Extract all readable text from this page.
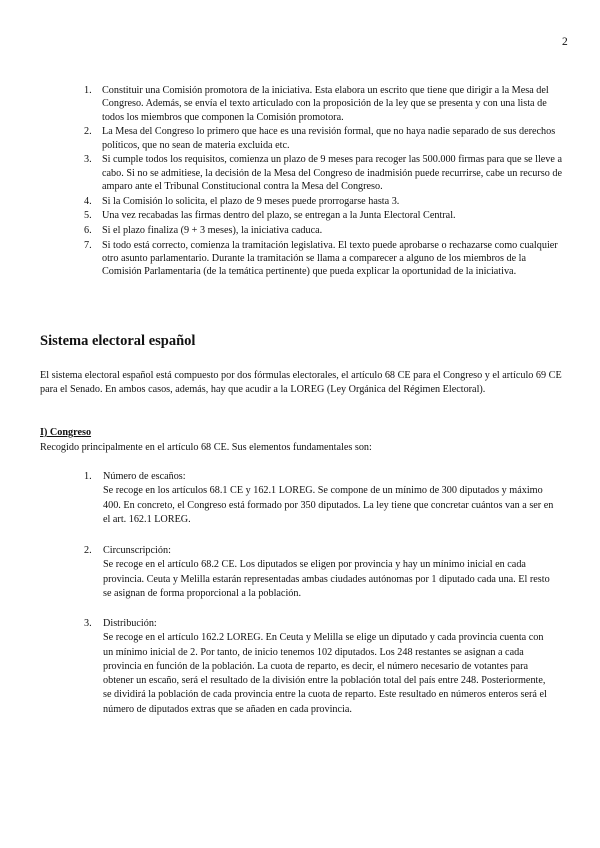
2
1. Constituir una Comisión promotora de la iniciativa. Esta elabora un escrito que tiene que dirigir a la Mesa del Congreso. Además, se envía el texto articulado con la proposición de la ley que se presenta y con una lista de todos los miembros que componen la Comisión promotora.
2. La Mesa del Congreso lo primero que hace es una revisión formal, que no haya nadie separado de sus derechos políticos, que no sean de materia excluida etc.
3. Si cumple todos los requisitos, comienza un plazo de 9 meses para recoger las 500.000 firmas para que se lleve a cabo. Si no se admitiese, la decisión de la Mesa del Congreso de inadmisión puede recurrirse, cabe un recurso de amparo ante el Tribunal Constitucional contra la Mesa del Congreso.
4. Si la Comisión lo solicita, el plazo de 9 meses puede prorrogarse hasta 3.
5. Una vez recabadas las firmas dentro del plazo, se entregan a la Junta Electoral Central.
6. Si el plazo finaliza (9 + 3 meses), la iniciativa caduca.
7. Si todo está correcto, comienza la tramitación legislativa. El texto puede aprobarse o rechazarse como cualquier otro asunto parlamentario. Durante la tramitación se llama a comparecer a alguno de los miembros de la Comisión Parlamentaria (de la temática pertinente) que pueda explicar la oportunidad de la iniciativa.
Sistema electoral español

El sistema electoral español está compuesto por dos fórmulas electorales, el artículo 68 CE para el Congreso y el artículo 69 CE para el Senado. En ambos casos, además, hay que acudir a la LOREG (Ley Orgánica del Régimen Electoral).

I) Congreso
Recogido principalmente en el artículo 68 CE. Sus elementos fundamentales son:
1. Número de escaños:

Se recoge en los artículos 68.1 CE y 162.1 LOREG. Se compone de un mínimo de 300 diputados y máximo 400. En concreto, el Congreso está formado por 350 diputados. La ley tiene que concretar cuántos van a ser en el art. 162.1 LOREG.

2. Circunscripción:

Se recoge en el artículo 68.2 CE. Los diputados se eligen por provincia y hay un mínimo inicial en cada provincia. Ceuta y Melilla estarán representadas ambas ciudades autónomas por 1 diputado cada una. El resto se asignan de forma proporcional a la población.

3. Distribución:

Se recoge en el artículo 162.2 LOREG. En Ceuta y Melilla se elige un diputado y cada provincia cuenta con un mínimo inicial de 2. Por tanto, de inicio tenemos 102 diputados. Los 248 restantes se asignan a cada provincia en función de la población. La cuota de reparto, es decir, el número necesario de votantes para obtener un escaño, será el resultado de la división entre la población total del país entre 248. Posteriormente, se dividirá la población de cada provincia entre la cuota de reparto. Este resultado en números enteros será el número de diputados extras que se añaden en cada provincia.
